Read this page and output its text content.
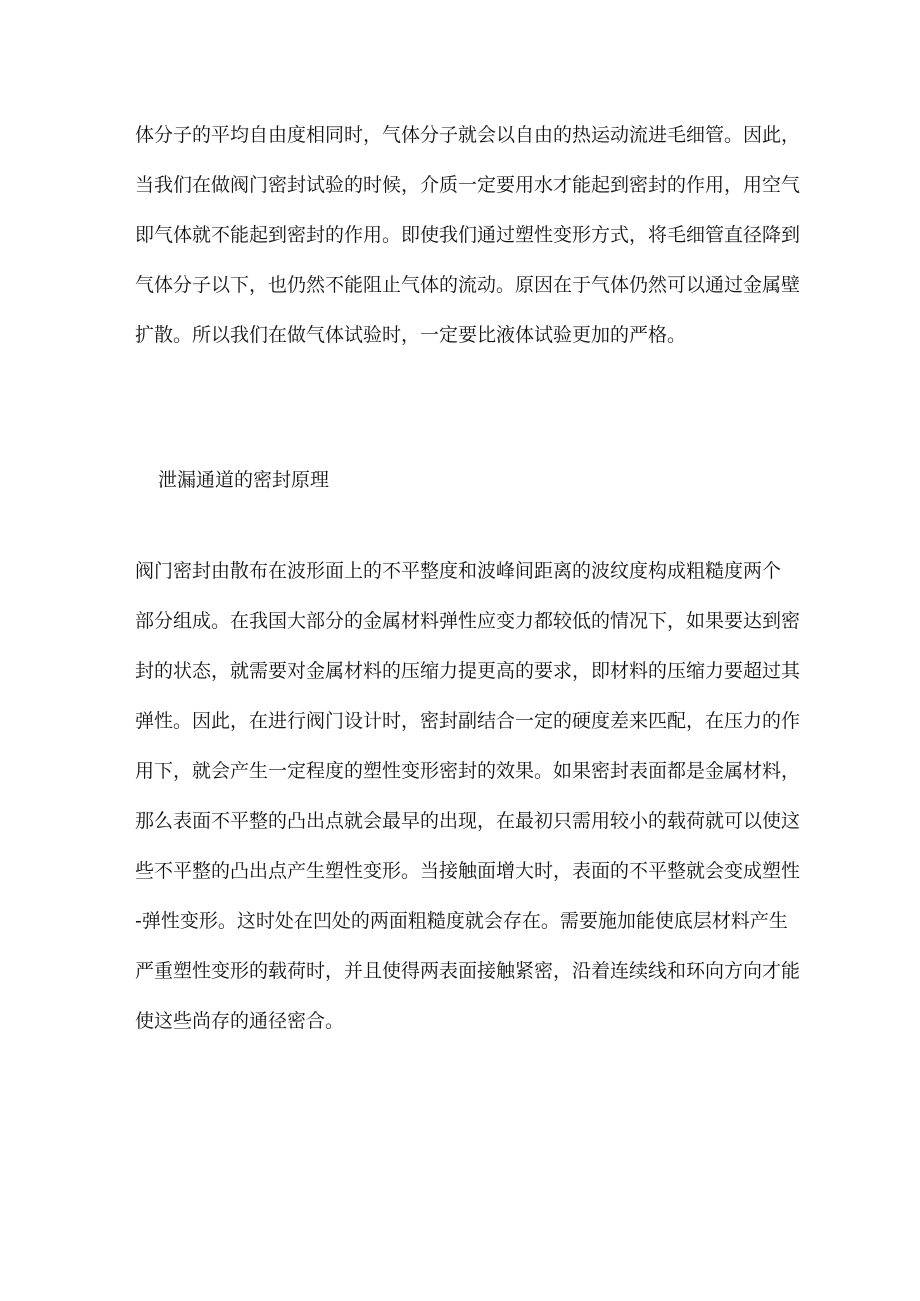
体分子的平均自由度相同时，气体分子就会以自由的热运动流进毛细管。因此，
当我们在做阀门密封试验的时候，介质一定要用水才能起到密封的作用，用空气
即气体就不能起到密封的作用。即使我们通过塑性变形方式，将毛细管直径降到
气体分子以下，也仍然不能阻止气体的流动。原因在于气体仍然可以通过金属壁
扩散。所以我们在做气体试验时，一定要比液体试验更加的严格。
泄漏通道的密封原理
阀门密封由散布在波形面上的不平整度和波峰间距离的波纹度构成粗糙度两个
部分组成。在我国大部分的金属材料弹性应变力都较低的情况下，如果要达到密
封的状态，就需要对金属材料的压缩力提更高的要求，即材料的压缩力要超过其
弹性。因此，在进行阀门设计时，密封副结合一定的硬度差来匹配，在压力的作
用下，就会产生一定程度的塑性变形密封的效果。如果密封表面都是金属材料，
那么表面不平整的凸出点就会最早的出现，在最初只需用较小的载荷就可以使这
些不平整的凸出点产生塑性变形。当接触面增大时，表面的不平整就会变成塑性
-弹性变形。这时处在凹处的两面粗糙度就会存在。需要施加能使底层材料产生
严重塑性变形的载荷时，并且使得两表面接触紧密，沿着连续线和环向方向才能
使这些尚存的通径密合。
